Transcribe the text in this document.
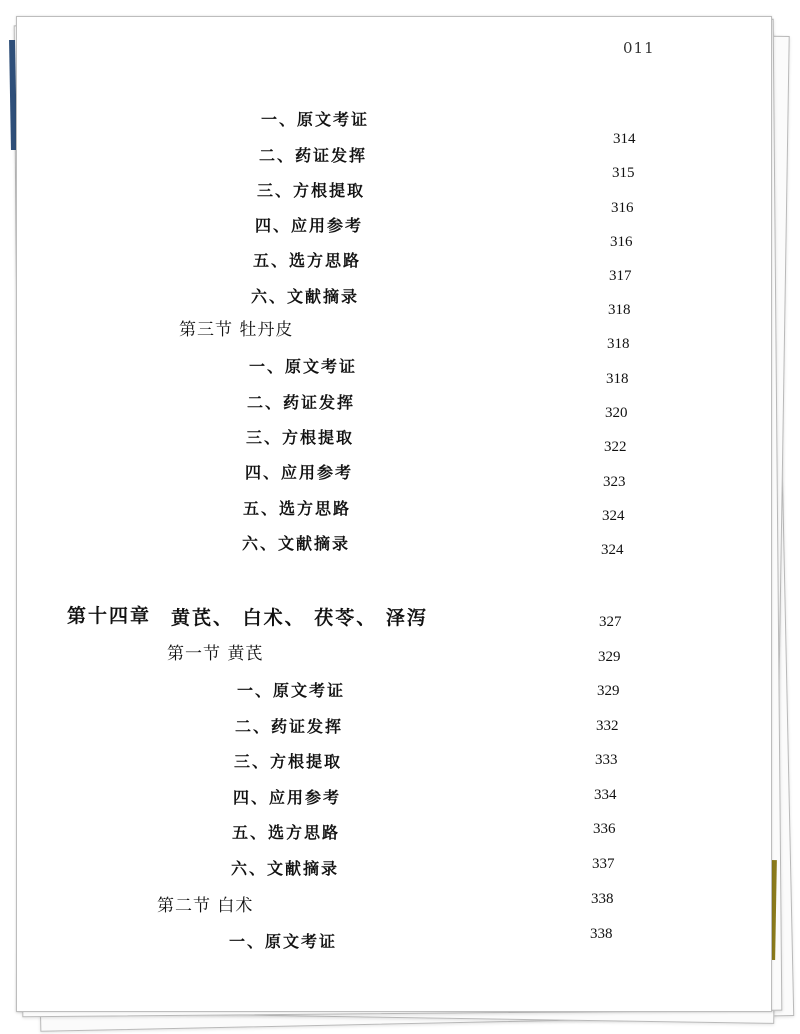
011
一、原文考证
二、药证发挥
三、方根提取
四、应用参考
五、选方思路
六、文献摘录
第三节 牡丹皮
一、原文考证
二、药证发挥
三、方根提取
四、应用参考
五、选方思路
六、文献摘录
第十四章 黄芪、 白术、 茯苓、 泽泻
第一节 黄芪
一、原文考证
二、药证发挥
三、方根提取
四、应用参考
五、选方思路
六、文献摘录
第二节 白术
一、原文考证
314
315
316
316
317
318
318
318
320
322
323
324
324
327
329
329
332
333
334
336
337
338
338
